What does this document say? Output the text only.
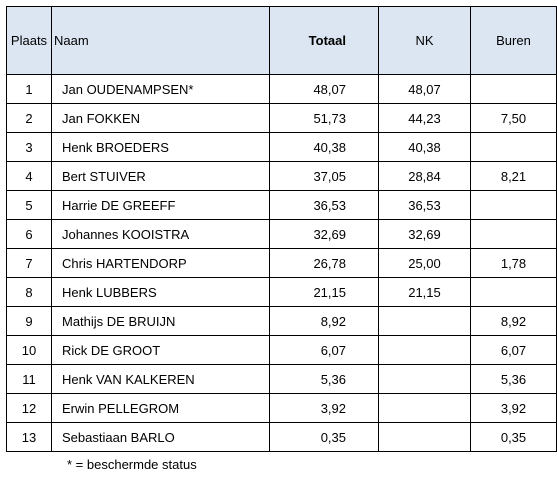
Plaats	Naam	Totaal	NK	Buren
1	Jan OUDENAMPSEN*	48,07	48,07	
2	Jan FOKKEN	51,73	44,23	7,50
3	Henk BROEDERS	40,38	40,38	
4	Bert STUIVER	37,05	28,84	8,21
5	Harrie DE GREEFF	36,53	36,53	
6	Johannes KOOISTRA	32,69	32,69	
7	Chris HARTENDORP	26,78	25,00	1,78
8	Henk LUBBERS	21,15	21,15	
9	Mathijs DE BRUIJN	8,92		8,92
10	Rick DE GROOT	6,07		6,07
11	Henk VAN KALKEREN	5,36		5,36
12	Erwin PELLEGROM	3,92		3,92
13	Sebastiaan BARLO	0,35		0,35
* = beschermde status
